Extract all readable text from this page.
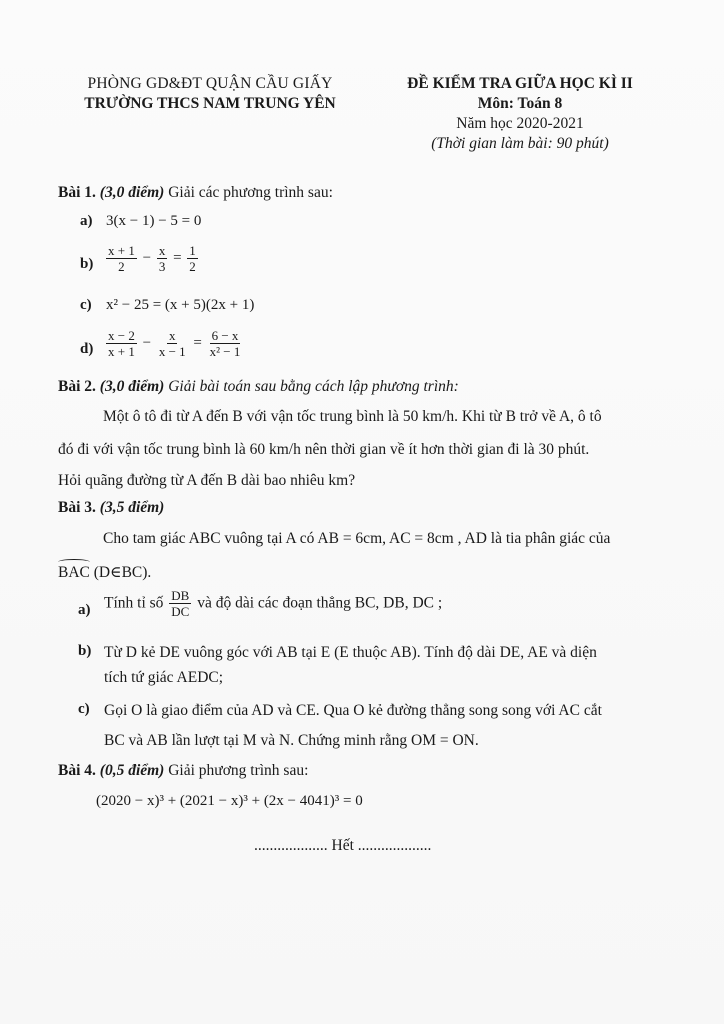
PHÒNG GD&ĐT QUẬN CẦU GIẤY
TRƯỜNG THCS NAM TRUNG YÊN
ĐỀ KIỂM TRA GIỮA HỌC KÌ II
Môn: Toán 8
Năm học 2020-2021
(Thời gian làm bài: 90 phút)
Bài 1. (3,0 điểm) Giải các phương trình sau:
a) 3(x − 1) − 5 = 0
$b) \frac{x + 1}{2} - \frac{x}{3} = \frac{1}{2}$
c) x² − 25 = (x + 5)(2x + 1)
$d) \frac{x - 2}{x + 1} - \frac{x}{x - 1} = \frac{6 - x}{\text{x² − 1}}$
Bài 2. (3,0 điểm) Giải bài toán sau bằng cách lập phương trình:
Một ô tô đi từ A đến B với vận tốc trung bình là 50 km/h. Khi từ B trở về A, ô tô
đó đi với vận tốc trung bình là 60 km/h nên thời gian về ít hơn thời gian đi là 30 phút.
Hỏi quãng đường từ A đến B dài bao nhiêu km?
Bài 3. (3,5 điểm)
Cho tam giác ABC vuông tại A có AB = 6cm, AC = 8cm , AD là tia phân giác của
BAC (D∈BC).
a) Tính tỉ số $\frac{DB}{DC}$ và độ dài các đoạn thẳng BC, DB, DC ;
b) Từ D kẻ DE vuông góc với AB tại E (E thuộc AB). Tính độ dài DE, AE và diện
tích tứ giác AEDC;
c) Gọi O là giao điểm của AD và CE. Qua O kẻ đường thẳng song song với AC cắt
BC và AB lần lượt tại M và N. Chứng minh rằng OM = ON.
Bài 4. (0,5 điểm) Giải phương trình sau:
(2020 − x)³ + (2021 − x)³ + (2x − 4041)³ = 0
................... Hết ...................
